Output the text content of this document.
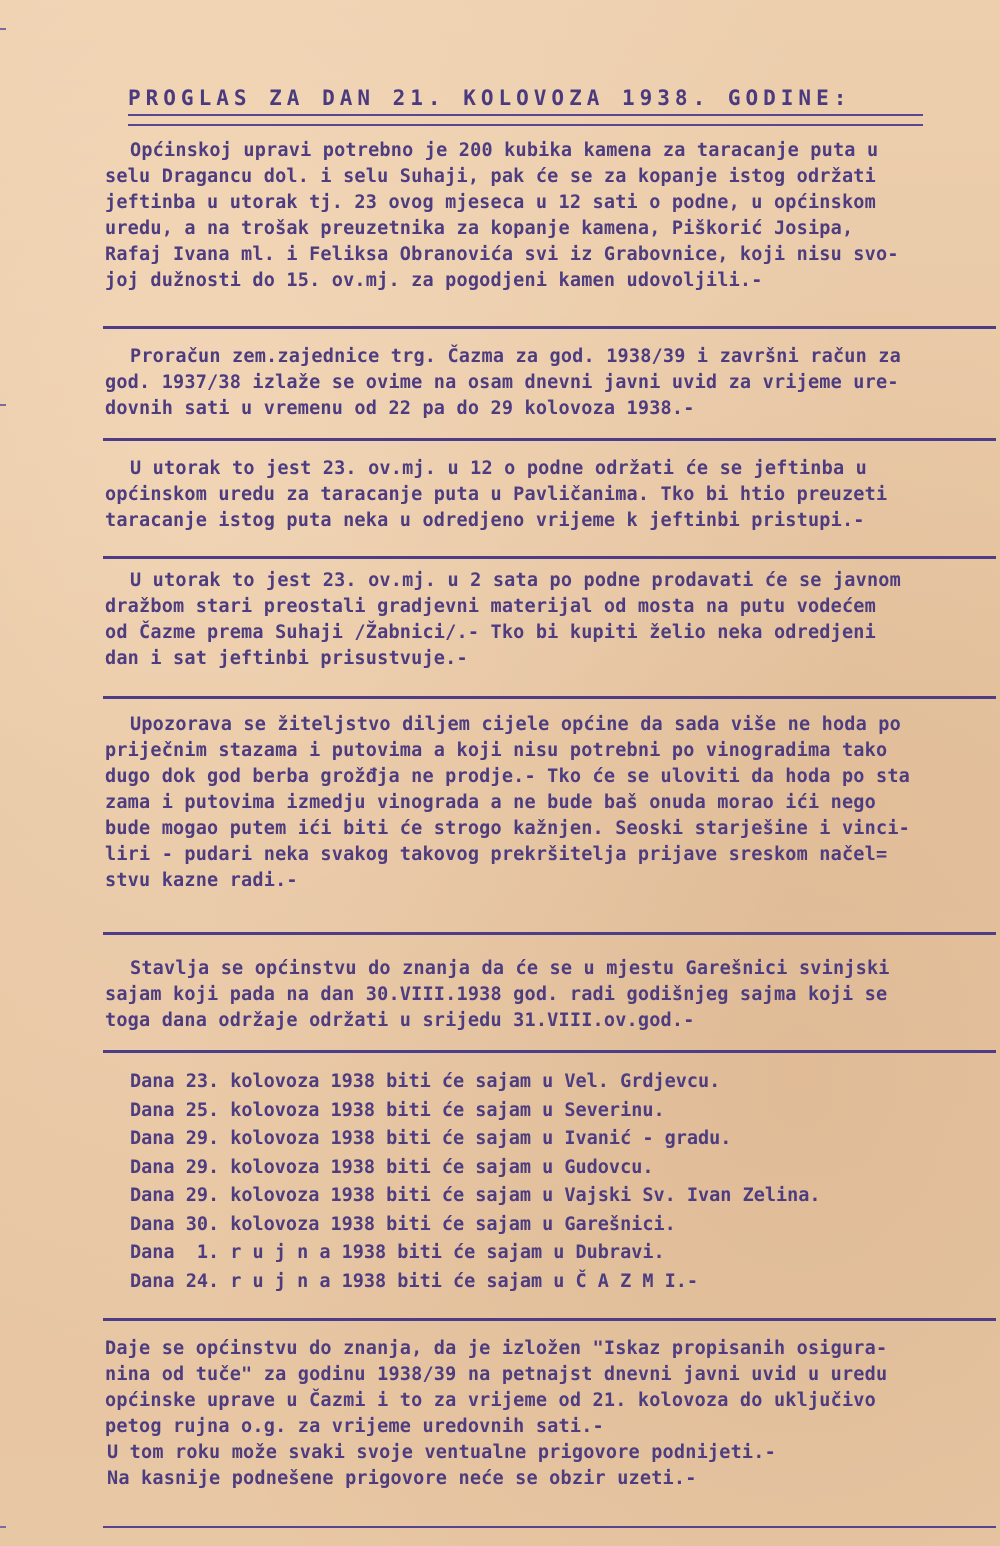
PROGLAS ZA DAN 21. KOLOVOZA 1938. GODINE:

Općinskoj upravi potrebno je 200 kubika kamena za taracanje puta u

selu Dragancu dol. i selu Suhaji, pak će se za kopanje istog održati

jeftinba u utorak tj. 23 ovog mjeseca u 12 sati o podne, u općinskom

uredu, a na trošak preuzetnika za kopanje kamena, Piškorić Josipa,

Rafaj Ivana ml. i Feliksa Obranovića svi iz Grabovnice, koji nisu svo-

joj dužnosti do 15. ov.mj. za pogodjeni kamen udovoljili.-

Proračun zem.zajednice trg. Čazma za god. 1938/39 i završni račun za

god. 1937/38 izlaže se ovime na osam dnevni javni uvid za vrijeme ure-

dovnih sati u vremenu od 22 pa do 29 kolovoza 1938.-

U utorak to jest 23. ov.mj. u 12 o podne održati će se jeftinba u

općinskom uredu za taracanje puta u Pavličanima. Tko bi htio preuzeti

taracanje istog puta neka u odredjeno vrijeme k jeftinbi pristupi.-

U utorak to jest 23. ov.mj. u 2 sata po podne prodavati će se javnom

dražbom stari preostali gradjevni materijal od mosta na putu vodećem

od Čazme prema Suhaji /Žabnici/.- Tko bi kupiti želio neka odredjeni

dan i sat jeftinbi prisustvuje.-

Upozorava se žiteljstvo diljem cijele općine da sada više ne hoda po

priječnim stazama i putovima a koji nisu potrebni po vinogradima tako

dugo dok god berba grožđja ne prodje.- Tko će se uloviti da hoda po sta

zama i putovima izmedju vinograda a ne bude baš onuda morao ići nego

bude mogao putem ići biti će strogo kažnjen. Seoski starješine i vinci-

liri - pudari neka svakog takovog prekršitelja prijave sreskom načel=

stvu kazne radi.-

Stavlja se općinstvu do znanja da će se u mjestu Garešnici svinjski

sajam koji pada na dan 30.VIII.1938 god. radi godišnjeg sajma koji se

toga dana održaje održati u srijedu 31.VIII.ov.god.-

Dana 23. kolovoza 1938 biti će sajam u Vel. Grdjevcu.
Dana 25. kolovoza 1938 biti će sajam u Severinu.
Dana 29. kolovoza 1938 biti će sajam u Ivanić - gradu.
Dana 29. kolovoza 1938 biti će sajam u Gudovcu.
Dana 29. kolovoza 1938 biti će sajam u Vajski Sv. Ivan Zelina.
Dana 30. kolovoza 1938 biti će sajam u Garešnici.
Dana  1. r u j n a 1938 biti će sajam u Dubravi.
Dana 24. r u j n a 1938 biti će sajam u Č A Z M I.-

Daje se općinstvu do znanja, da je izložen "Iskaz propisanih osigura-

nina od tuče" za godinu 1938/39 na petnajst dnevni javni uvid u uredu

općinske uprave u Čazmi i to za vrijeme od 21. kolovoza do uključivo

petog rujna o.g. za vrijeme uredovnih sati.-

U tom roku može svaki svoje ventualne prigovore podnijeti.-

Na kasnije podnešene prigovore neće se obzir uzeti.-
